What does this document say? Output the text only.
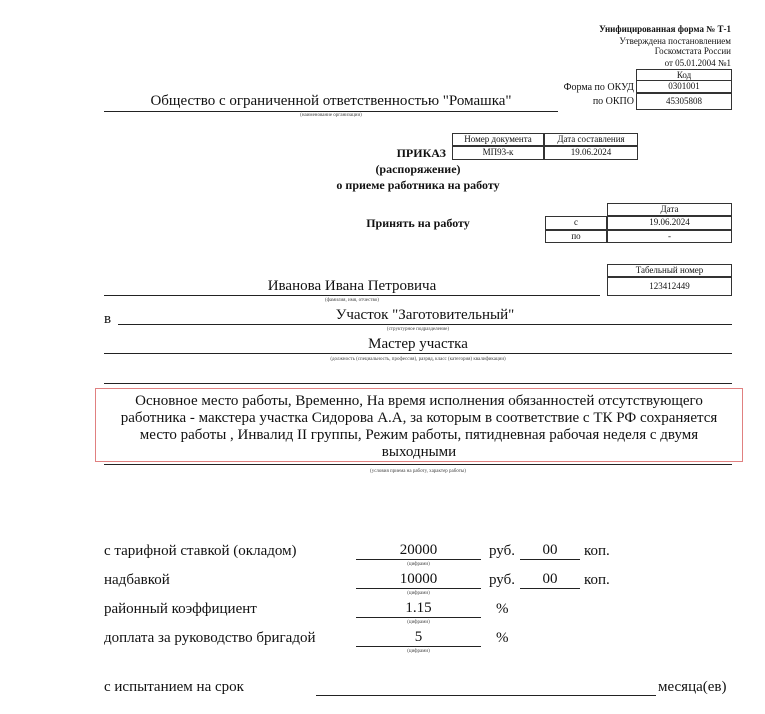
Унифицированная форма № Т-1
Утверждена постановлением
Госкомстата России
от 05.01.2004 №1
Код
Форма по ОКУД	0301001
по ОКПО	45305808
Общество с ограниченной ответственностью "Ромашка"
(наименование организации)
Номер документа	Дата составления
МП93-к	19.06.2024
ПРИКАЗ
(распоряжение)
о приеме работника на работу
Дата
с	19.06.2024
по	-
Принять на работу
Табельный номер
123412449
Иванова Ивана Петровича
(фамилия, имя, отчество)
в	Участок "Заготовительный"
(структурное подразделение)
Мастер участка
(должность (специальность, профессия), разряд, класс (категория) квалификации)
Основное место работы, Временно, На время исполнения обязанностей отсутствующего работника - макстера участка Сидорова А.А, за которым в соответствие с ТК РФ сохраняется место работы , Инвалид II группы, Режим работы, пятидневная рабочая неделя с двумя выходными
(условия приема на работу, характер работы)
с тарифной ставкой (окладом)	20000
(цифрами)
руб.	00	коп.
надбавкой	10000
(цифрами)
руб.	00	коп.
районный коэффициент	1.15
(цифрами)
%
доплата за руководство бригадой	5
(цифрами)
%
с испытанием на срок	месяца(ев)
